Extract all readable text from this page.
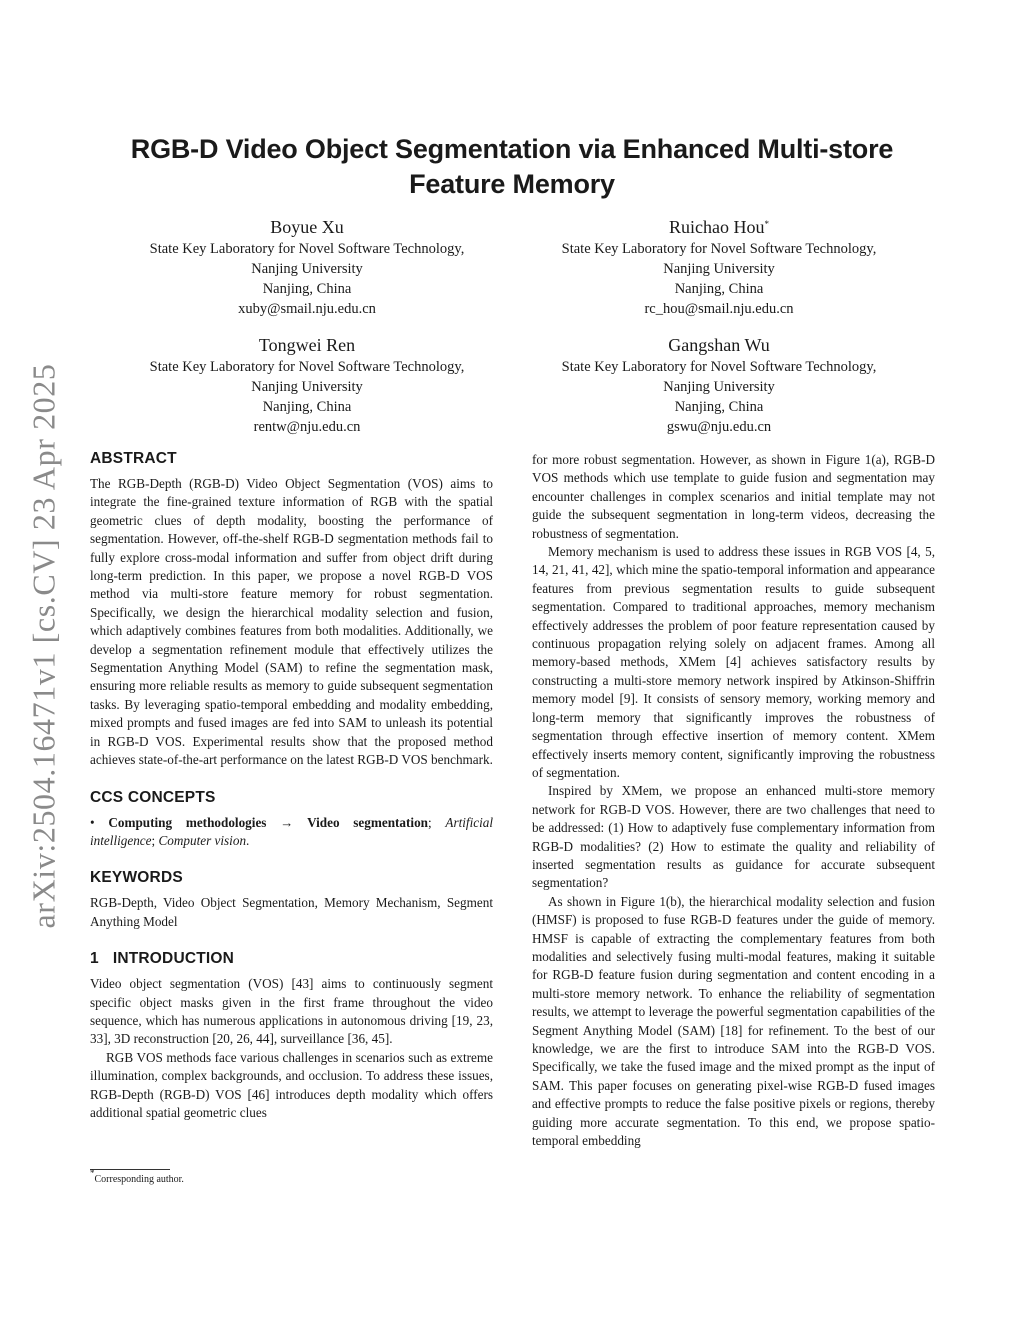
RGB-D Video Object Segmentation via Enhanced Multi-store Feature Memory
Boyue Xu
State Key Laboratory for Novel Software Technology,
Nanjing University
Nanjing, China
xuby@smail.nju.edu.cn
Ruichao Hou*
State Key Laboratory for Novel Software Technology,
Nanjing University
Nanjing, China
rc_hou@smail.nju.edu.cn
Tongwei Ren
State Key Laboratory for Novel Software Technology,
Nanjing University
Nanjing, China
rentw@nju.edu.cn
Gangshan Wu
State Key Laboratory for Novel Software Technology,
Nanjing University
Nanjing, China
gswu@nju.edu.cn
arXiv:2504.16471v1 [cs.CV] 23 Apr 2025 ABSTRACT

The RGB-Depth (RGB-D) Video Object Segmentation (VOS) aims to integrate the fine-grained texture information of RGB with the spatial geometric clues of depth modality, boosting the performance of segmentation. However, off-the-shelf RGB-D segmentation methods fail to fully explore cross-modal information and suffer from object drift during long-term prediction. In this paper, we propose a novel RGB-D VOS method via multi-store feature memory for robust segmentation. Specifically, we design the hierarchical modality selection and fusion, which adaptively combines features from both modalities. Additionally, we develop a segmentation refinement module that effectively utilizes the Segmentation Anything Model (SAM) to refine the segmentation mask, ensuring more reliable results as memory to guide subsequent segmentation tasks. By leveraging spatio-temporal embedding and modality embedding, mixed prompts and fused images are fed into SAM to unleash its potential in RGB-D VOS. Experimental results show that the proposed method achieves state-of-the-art performance on the latest RGB-D VOS benchmark.

CCS CONCEPTS

• Computing methodologies → Video segmentation; Artificial intelligence; Computer vision.

KEYWORDS

RGB-Depth, Video Object Segmentation, Memory Mechanism, Segment Anything Model

1 INTRODUCTION

Video object segmentation (VOS) [43] aims to continuously segment specific object masks given in the first frame throughout the video sequence, which has numerous applications in autonomous driving [19, 23, 33], 3D reconstruction [20, 26, 44], surveillance [36, 45].

RGB VOS methods face various challenges in scenarios such as extreme illumination, complex backgrounds, and occlusion. To address these issues, RGB-Depth (RGB-D) VOS [46] introduces depth modality which offers additional spatial geometric clues

for more robust segmentation. However, as shown in Figure 1(a), RGB-D VOS methods which use template to guide fusion and segmentation may encounter challenges in complex scenarios and initial template may not guide the subsequent segmentation in long-term videos, decreasing the robustness of segmentation.

Memory mechanism is used to address these issues in RGB VOS [4, 5, 14, 21, 41, 42], which mine the spatio-temporal information and appearance features from previous segmentation results to guide subsequent segmentation. Compared to traditional approaches, memory mechanism effectively addresses the problem of poor feature representation caused by continuous propagation relying solely on adjacent frames. Among all memory-based methods, XMem [4] achieves satisfactory results by constructing a multi-store memory network inspired by Atkinson-Shiffrin memory model [9]. It consists of sensory memory, working memory and long-term memory that significantly improves the robustness of segmentation through effective insertion of memory content. XMem effectively inserts memory content, significantly improving the robustness of segmentation.

Inspired by XMem, we propose an enhanced multi-store memory network for RGB-D VOS. However, there are two challenges that need to be addressed: (1) How to adaptively fuse complementary information from RGB-D modalities? (2) How to estimate the quality and reliability of inserted segmentation results as guidance for accurate subsequent segmentation?

As shown in Figure 1(b), the hierarchical modality selection and fusion (HMSF) is proposed to fuse RGB-D features under the guide of memory. HMSF is capable of extracting the complementary features from both modalities and selectively fusing multi-modal features, making it suitable for RGB-D feature fusion during segmentation and content encoding in a multi-store memory network. To enhance the reliability of segmentation results, we attempt to leverage the powerful segmentation capabilities of the Segment Anything Model (SAM) [18] for refinement. To the best of our knowledge, we are the first to introduce SAM into the RGB-D VOS. Specifically, we take the fused image and the mixed prompt as the input of SAM. This paper focuses on generating pixel-wise RGB-D fused images and effective prompts to reduce the false positive pixels or regions, thereby guiding more accurate segmentation. To this end, we propose spatio-temporal embedding

*Corresponding author.
